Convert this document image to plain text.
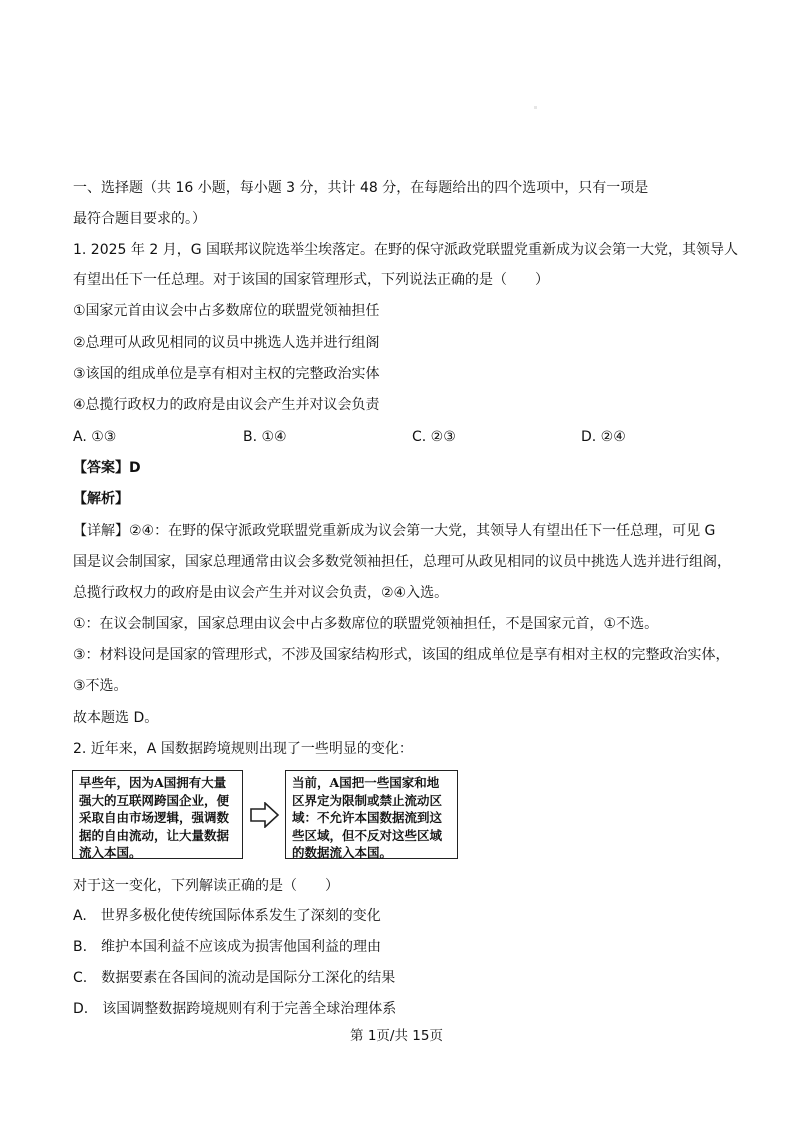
一、选择题（共 16 小题，每小题 3 分，共计 48 分，在每题给出的四个选项中，只有一项是
最符合题目要求的。）
1. 2025 年 2 月，G 国联邦议院选举尘埃落定。在野的保守派政党联盟党重新成为议会第一大党，其领导人
有望出任下一任总理。对于该国的国家管理形式，下列说法正确的是（　　）
①国家元首由议会中占多数席位的联盟党领袖担任
②总理可从政见相同的议员中挑选人选并进行组阁
③该国的组成单位是享有相对主权的完整政治实体
④总揽行政权力的政府是由议会产生并对议会负责
A. ①③	B. ①④	C. ②③	D. ②④
【答案】D
【解析】
【详解】②④：在野的保守派政党联盟党重新成为议会第一大党，其领导人有望出任下一任总理，可见 G
国是议会制国家，国家总理通常由议会多数党领袖担任，总理可从政见相同的议员中挑选人选并进行组阁，
总揽行政权力的政府是由议会产生并对议会负责，②④入选。
①：在议会制国家，国家总理由议会中占多数席位的联盟党领袖担任，不是国家元首，①不选。
③：材料设问是国家的管理形式，不涉及国家结构形式，该国的组成单位是享有相对主权的完整政治实体，
③不选。
故本题选 D。
2. 近年来，A 国数据跨境规则出现了一些明显的变化：
早些年，因为A国拥有大量强大的互联网跨国企业，便采取自由市场逻辑，强调数据的自由流动，让大量数据流入本国。
当前，A国把一些国家和地区界定为限制或禁止流动区域：不允许本国数据流到这些区域，但不反对这些区域的数据流入本国。
对于这一变化，下列解读正确的是（　　）
A.　世界多极化使传统国际体系发生了深刻的变化
B.　维护本国利益不应该成为损害他国利益的理由
C.　数据要素在各国间的流动是国际分工深化的结果
D.　该国调整数据跨境规则有利于完善全球治理体系
第 1页/共 15页
